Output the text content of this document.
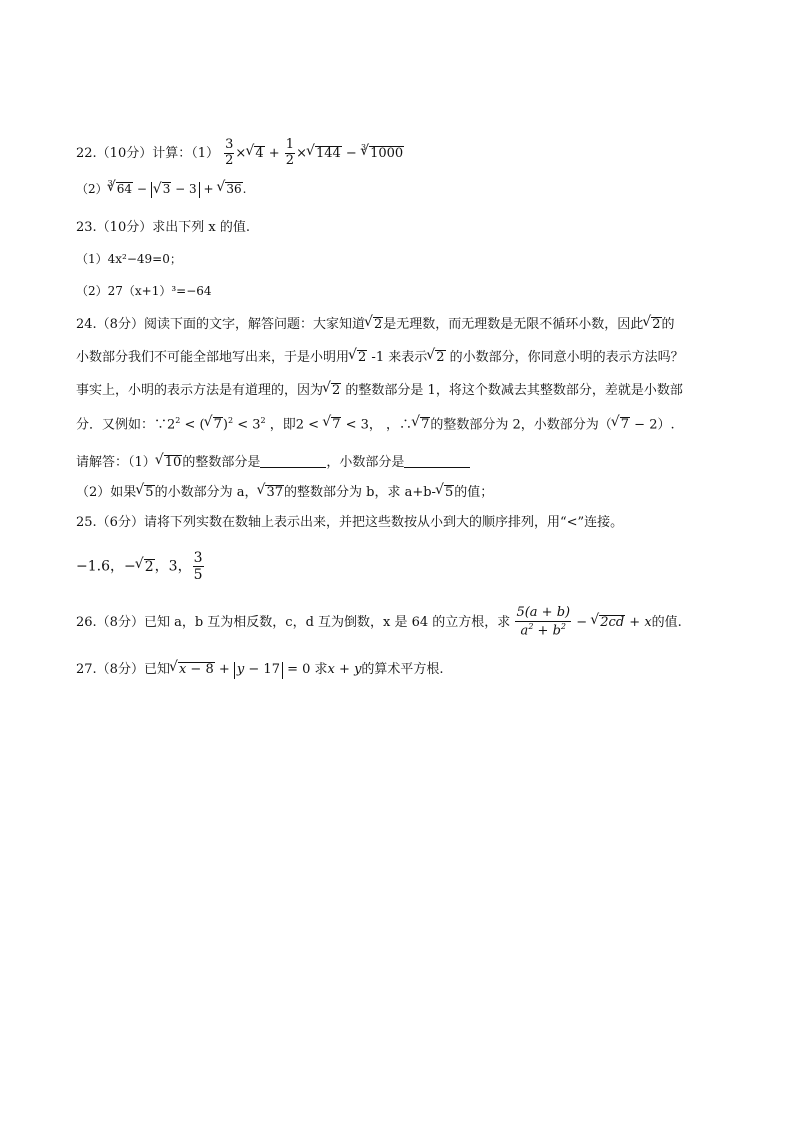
22.（10分）计算：$(1) \frac{3}{2}$ ×√ $4 + \frac{1}{2}$ ×√ 144 − $^3$√ 1000
$(2)^3√$ 64 − √ 3 − 3 + √ 36.
23.（10分）求出下列 x 的值.
（1）4x²−49=0；
（2）27（x+1）³=−64
24.（8分）阅读下面的文字，解答问题：大家知道√ 2是无理数，而无理数是无限不循环小数，因此√ 2的
小数部分我们不可能全部地写出来，于是小明用√ 2 -1 来表示√ 2 的小数部分，你同意小明的表示方法吗？
事实上，小明的表示方法是有道理的，因为√ 2 的整数部分是 1，将这个数减去其整数部分，差就是小数部
分．又例如：$\because 2^2$ < (√ $7)^2 < 3^2$ ，即2 < √ 7 < 3， ，∴√ 7的整数部分为 2，小数部分为（√ 7 − 2）.
请解答：（1）√ 10的整数部分是	，小数部分是
（2）如果√ 5的小数部分为 a，√ 37的整数部分为 b，求 a+b-√ 5的值；
25.（6分）请将下列实数在数轴上表示出来，并把这些数按从小到大的顺序排列，用“<”连接。
−1.6，−√ 2，3， $\frac{3}{5}$
26.（8分）已知 a，b 互为相反数，c，d 互为倒数，x 是 64 的立方根，求 $\frac{5(a + b)}{a^2 + b^2}$ − √ 2cd + x的值.
27.（8分）已知√ x − 8 + y − 17 = 0 求x + y的算术平方根.
